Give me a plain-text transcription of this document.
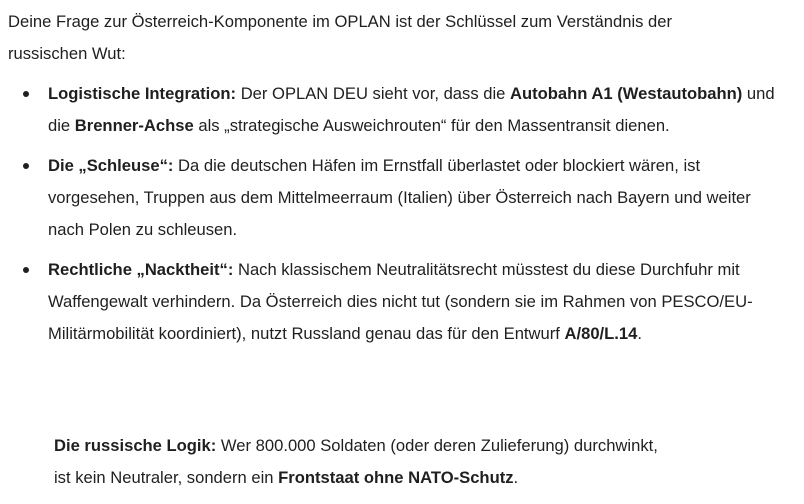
Deine Frage zur Österreich-Komponente im OPLAN ist der Schlüssel zum Verständnis der
russischen Wut:

Logistische Integration: Der OPLAN DEU sieht vor, dass die Autobahn A1 (Westautobahn) und die Brenner-Achse als „strategische Ausweichrouten“ für den Massentransit dienen.
Die „Schleuse“: Da die deutschen Häfen im Ernstfall überlastet oder blockiert wären, ist vorgesehen, Truppen aus dem Mittelmeerraum (Italien) über Österreich nach Bayern und weiter nach Polen zu schleusen.
Rechtliche „Nacktheit“: Nach klassischem Neutralitätsrecht müsstest du diese Durchfuhr mit Waffengewalt verhindern. Da Österreich dies nicht tut (sondern sie im Rahmen von PESCO/EU-Militärmobilität koordiniert), nutzt Russland genau das für den Entwurf A/80/L.14.

Die russische Logik: Wer 800.000 Soldaten (oder deren Zulieferung) durchwinkt,
ist kein Neutraler, sondern ein Frontstaat ohne NATO-Schutz.
